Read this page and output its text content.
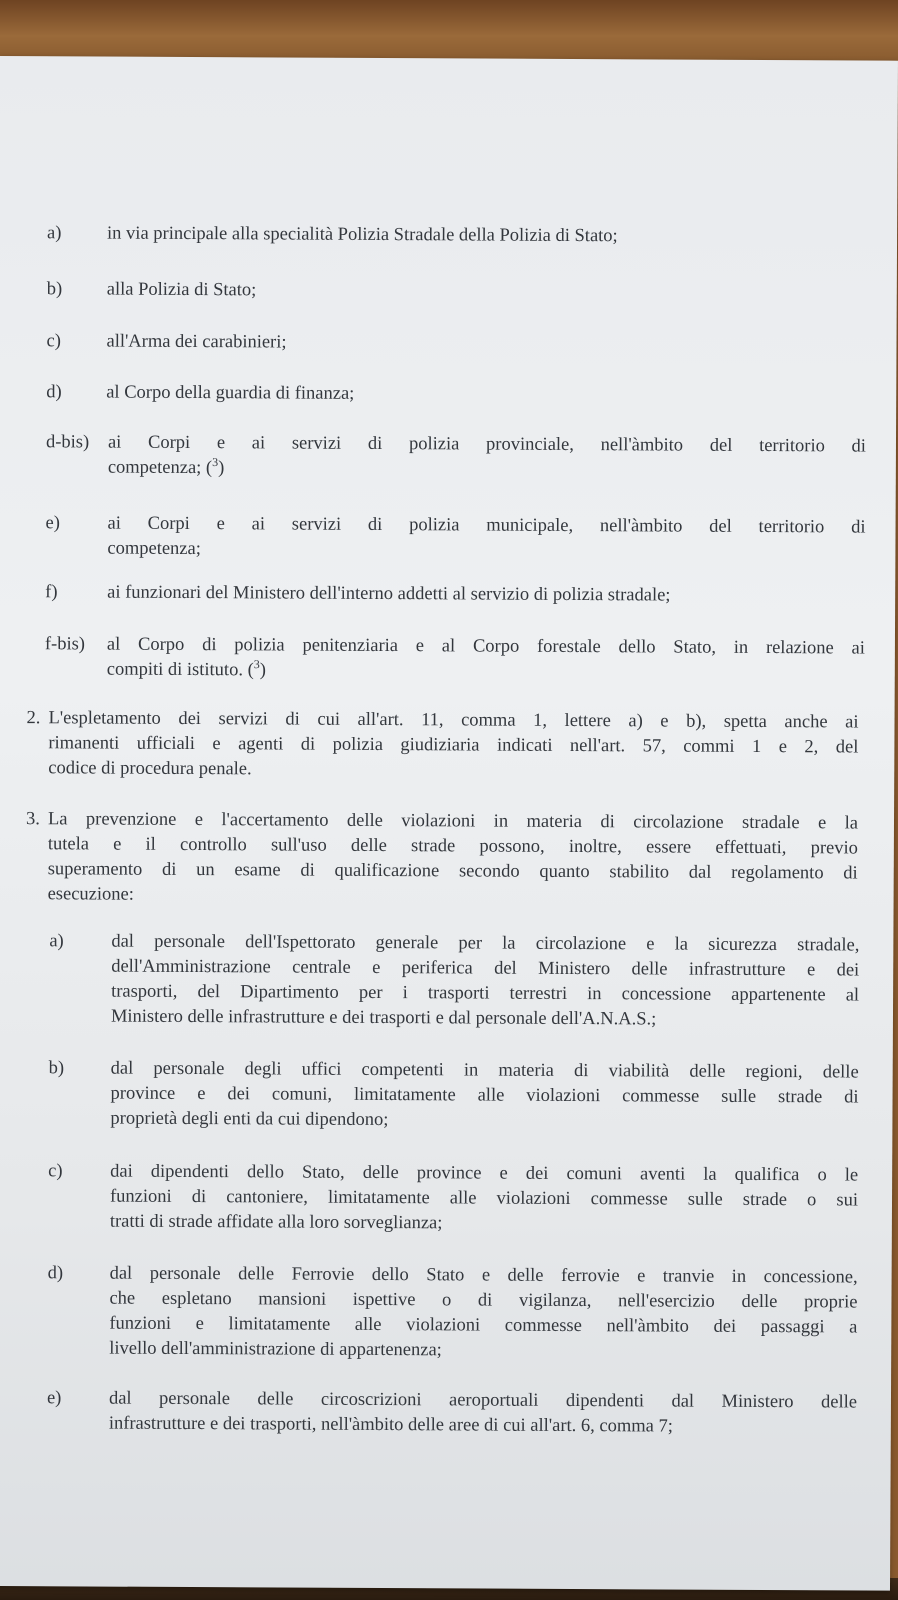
a) in via principale alla specialità Polizia Stradale della Polizia di Stato;
b) alla Polizia di Stato;
c) all'Arma dei carabinieri;
d) al Corpo della guardia di finanza;
d-bis) ai Corpi e ai servizi di polizia provinciale, nell'àmbito del territorio di
competenza; ($^3$)
e)	ai Corpi e ai servizi di polizia municipale, nell'àmbito del territorio di
competenza;
f)	ai funzionari del Ministero dell'interno addetti al servizio di polizia stradale;
f-bis) al Corpo di polizia penitenziaria e al Corpo forestale dello Stato, in relazione ai
compiti di istituto. ($^3$)
2. L'espletamento dei servizi di cui all'art. 11, comma 1, lettere a) e b), spetta anche ai
rimanenti ufficiali e agenti di polizia giudiziaria indicati nell'art. 57, commi 1 e 2, del
codice di procedura penale.
3. La prevenzione e l'accertamento delle violazioni in materia di circolazione stradale e la
tutela e il controllo sull'uso delle strade possono, inoltre, essere effettuati, previo
superamento di un esame di qualificazione secondo quanto stabilito dal regolamento di
esecuzione:
a)	dal personale dell'Ispettorato generale per la circolazione e la sicurezza stradale,
dell'Amministrazione centrale e periferica del Ministero delle infrastrutture e dei
trasporti, del Dipartimento per i trasporti terrestri in concessione appartenente al
Ministero delle infrastrutture e dei trasporti e dal personale dell'A.N.A.S.;
b)	dal personale degli uffici competenti in materia di viabilità delle regioni, delle
province e dei comuni, limitatamente alle violazioni commesse sulle strade di
proprietà degli enti da cui dipendono;
c)	dai dipendenti dello Stato, delle province e dei comuni aventi la qualifica o le
funzioni di cantoniere, limitatamente alle violazioni commesse sulle strade o sui
tratti di strade affidate alla loro sorveglianza;
d)	dal personale delle Ferrovie dello Stato e delle ferrovie e tranvie in concessione,
che espletano mansioni ispettive o di vigilanza, nell'esercizio delle proprie
funzioni e limitatamente alle violazioni commesse nell'àmbito dei passaggi a
livello dell'amministrazione di appartenenza;
e)	dal personale delle circoscrizioni aeroportuali dipendenti dal Ministero delle
infrastrutture e dei trasporti, nell'àmbito delle aree di cui all'art. 6, comma 7;
